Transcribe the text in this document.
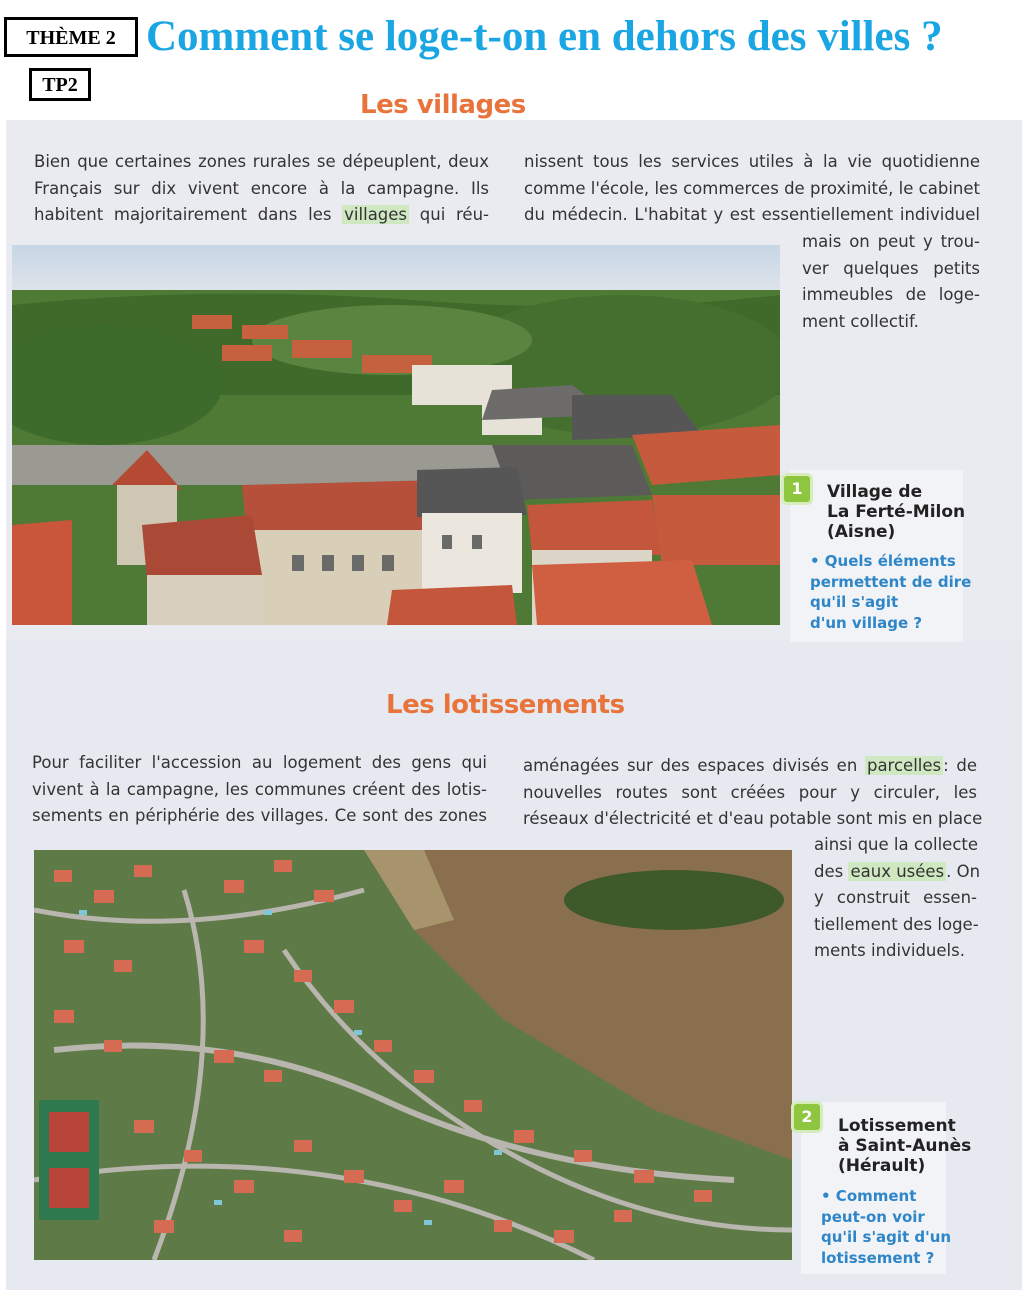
THÈME 2
TP2
Comment se loge-t-on en dehors des villes ?
Les villages
Bien que certaines zones rurales se dépeuplent, deux
Français sur dix vivent encore à la campagne. Ils
habitent majoritairement dans les villages qui réu-
nissent tous les services utiles à la vie quotidienne
comme l'école, les commerces de proximité, le cabinet
du médecin. L'habitat y est essentiellement individuel
mais on peut y trou-
ver quelques petits
immeubles de loge-
ment collectif.
1	Village de
La Ferté-Milon
(Aisne)
• Quels éléments
permettent de dire
qu'il s'agit
d'un village ?
Les lotissements
Pour faciliter l'accession au logement des gens qui
vivent à la campagne, les communes créent des lotis-
sements en périphérie des villages. Ce sont des zones
aménagées sur des espaces divisés en parcelles : de
nouvelles routes sont créées pour y circuler, les
réseaux d'électricité et d'eau potable sont mis en place
ainsi que la collecte
des eaux usées . On
y construit essen-
tiellement des loge-
ments individuels.
2	Lotissement
à Saint-Aunès
(Hérault)
• Comment
peut-on voir
qu'il s'agit d'un
lotissement ?
